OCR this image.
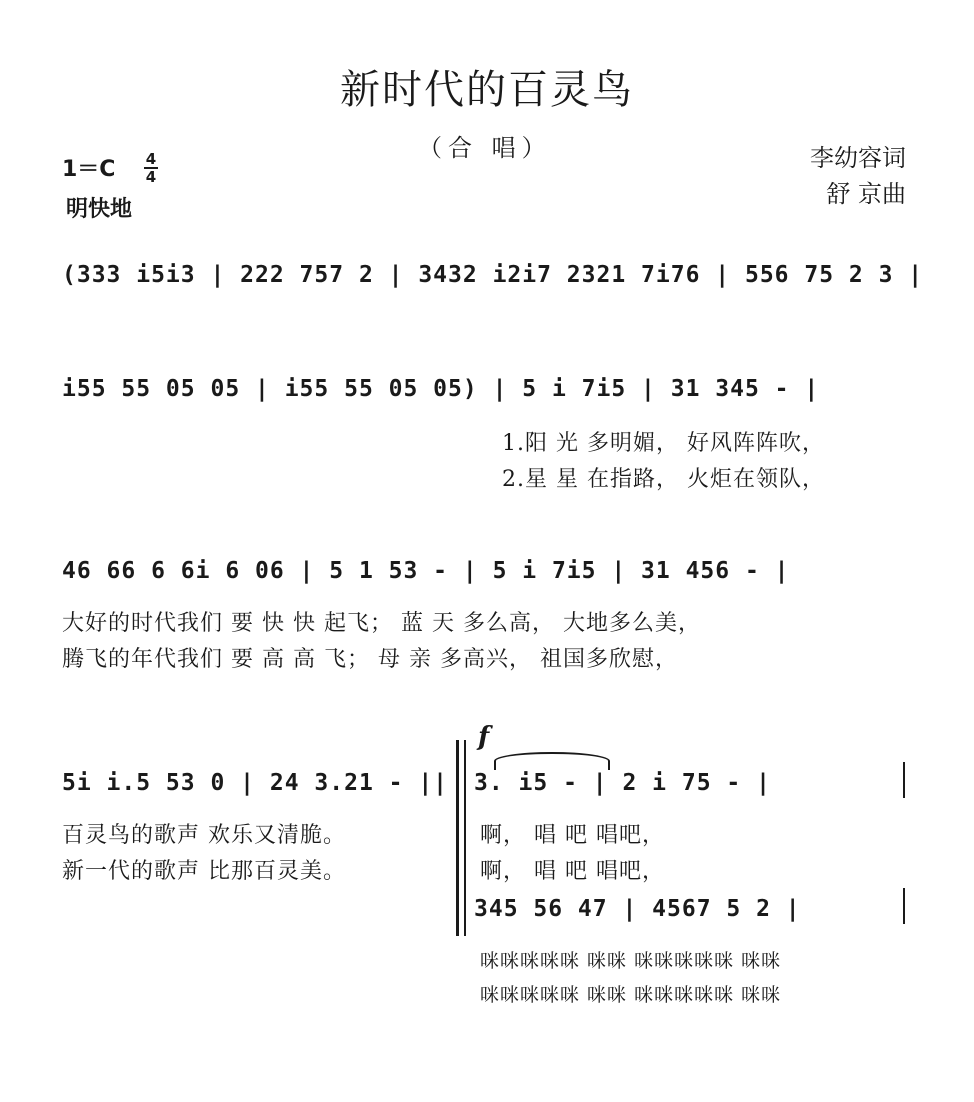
新时代的百灵鸟
（合 唱）	李幼容词
舒 京曲
1＝C 4
4
明快地
(333 i5i3 | 222 757 2 | 3432 i2i7 2321 7i76 | 556 75 2 3 |
i55 55 05 05 | i55 55 05 05) | 5 i 7i5 | 31 345 - |
1.阳 光 多明媚， 好风阵阵吹，
2.星 星 在指路， 火炬在领队，
46 66 6 6i 6 06 | 5 1 53 - | 5 i 7i5 | 31 456 - |
大好的时代我们 要 快 快 起飞； 蓝 天 多么高， 大地多么美，
腾飞的年代我们 要 高 高 飞； 母 亲 多高兴， 祖国多欣慰，
5i i.5 53 0 | 24 3.21 - ||
百灵鸟的歌声 欢乐又清脆。
新一代的歌声 比那百灵美。
f
3. i5 - | 2 i 75 - |
啊， 唱 吧 唱吧，
啊， 唱 吧 唱吧，
345 56 47 | 4567 5 2 |
咪咪咪咪咪 咪咪 咪咪咪咪咪 咪咪
咪咪咪咪咪 咪咪 咪咪咪咪咪 咪咪
